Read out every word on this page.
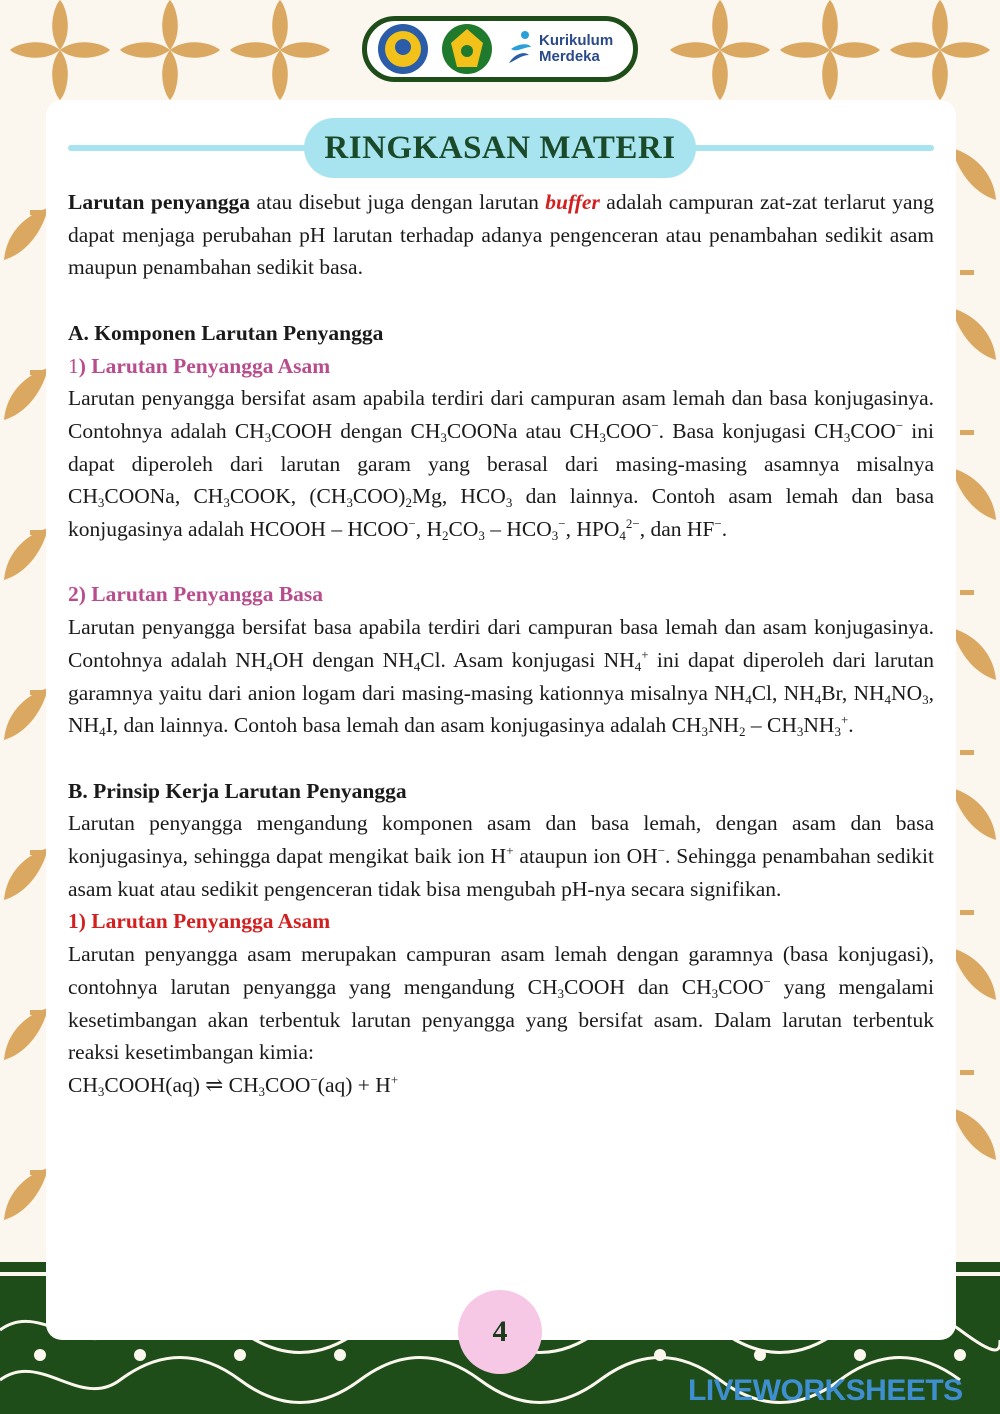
Kurikulum
Merdeka
RINGKASAN MATERI

Larutan penyangga atau disebut juga dengan larutan buffer adalah campuran zat-zat terlarut yang dapat menjaga perubahan pH larutan terhadap adanya pengenceran atau penambahan sedikit asam maupun penambahan sedikit basa.

A. Komponen Larutan Penyangga

1) Larutan Penyangga Asam

Larutan penyangga bersifat asam apabila terdiri dari campuran asam lemah dan basa konjugasinya. Contohnya adalah $CH_3COOH$ dengan $CH_3COONa$ atau $CH_3COO^-$. Basa konjugasi $CH_3COO^-$ ini dapat diperoleh dari larutan garam yang berasal dari masing-masing asamnya misalnya $CH_3COONa$, $CH_3COOK$, $(CH_3COO)_2Mg$, $HCO_3$ dan lainnya. Contoh asam lemah dan basa konjugasinya adalah HCOOH – HCOO−, $H_2CO_3 - HCO_3^-$, $HPO_4^{2-}$, dan HF−.

2) Larutan Penyangga Basa

Larutan penyangga bersifat basa apabila terdiri dari campuran basa lemah dan asam konjugasinya. Contohnya adalah $NH_4OH$ dengan $NH_4Cl$. Asam konjugasi $NH_4^+$ ini dapat diperoleh dari larutan garamnya yaitu dari anion logam dari masing-masing kationnya misalnya $NH_4Cl$, $NH_4Br$, $NH_4NO_3$, $NH_4I$, dan lainnya. Contoh basa lemah dan asam konjugasinya adalah $CH_3NH_2 - CH_3NH_3^+$.

B. Prinsip Kerja Larutan Penyangga

Larutan penyangga mengandung komponen asam dan basa lemah, dengan asam dan basa konjugasinya, sehingga dapat mengikat baik ion H+ ataupun ion OH−. Sehingga penambahan sedikit asam kuat atau sedikit pengenceran tidak bisa mengubah pH-nya secara signifikan.

1) Larutan Penyangga Asam

Larutan penyangga asam merupakan campuran asam lemah dengan garamnya (basa konjugasi), contohnya larutan penyangga yang mengandung $CH_3COOH$ dan $CH_3COO^-$ yang mengalami kesetimbangan akan terbentuk larutan penyangga yang bersifat asam. Dalam larutan terbentuk reaksi kesetimbangan kimia:

$CH_3COOH(aq)$ ⇌ $CH_3COO^-(aq) + H^+$

4
LIVEWORKSHEETS
